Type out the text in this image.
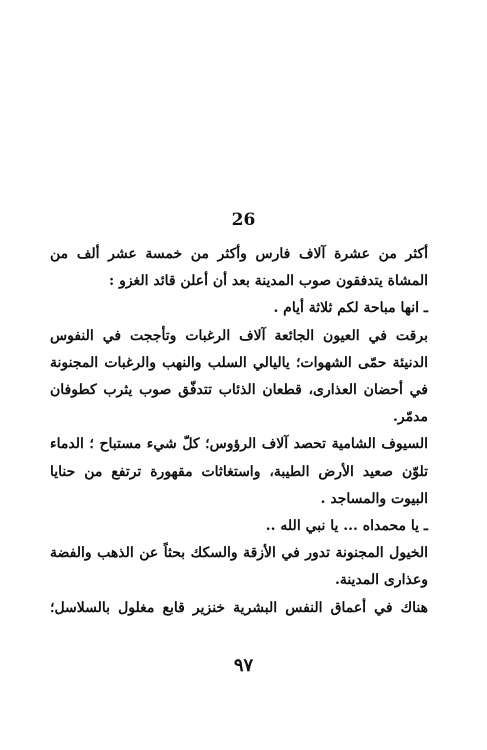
26

أكثر من عشرة آلاف فارس وأكثر من خمسة عشر ألف من المشاة يتدفقون صوب المدينة بعد أن أعلن قائد الغزو :

ـ انها مباحة لكم ثلاثة أيام .

برقت في العيون الجائعة آلاف الرغبات وتأججت في النفوس الدنيئة حمّى الشهوات؛ ياليالي السلب والنهب والرغبات المجنونة في أحضان العذارى، قطعان الذئاب تتدفّق صوب يثرب كطوفان مدمّر.

السيوف الشامية تحصد آلاف الرؤوس؛ كلّ شيء مستباح ؛ الدماء تلوّن صعيد الأرض الطيبة، واستغاثات مقهورة ترتفع من حنايا البيوت والمساجد .

ـ يا محمداه ... يا نبي الله ..

الخيول المجنونة تدور في الأزقة والسكك بحثاً عن الذهب والفضة وعذارى المدينة.

هناك في أعماق النفس البشرية خنزير قابع مغلول بالسلاسل؛

٩٧
